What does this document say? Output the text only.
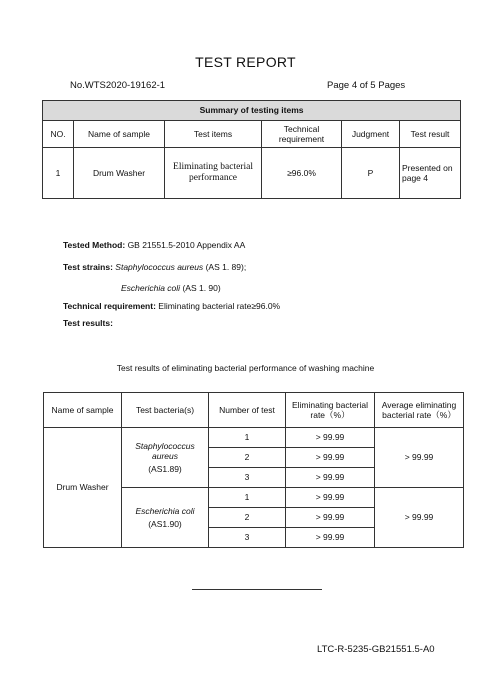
TEST REPORT
No.WTS2020-19162-1	Page 4 of 5 Pages
Summary of testing items					
NO.	Name of sample	Test items	Technical requirement	Judgment	Test result
1	Drum Washer	Eliminating bacterial performance	≥96.0%	P	Presented on page 4
Tested Method: GB 21551.5-2010 Appendix AA
Test strains: Staphylococcus aureus (AS 1. 89);
Escherichia coli (AS 1. 90)
Technical requirement: Eliminating bacterial rate≥96.0%
Test results:
Test results of eliminating bacterial performance of washing machine
Name of sample	Test bacteria(s)	Number of test	Eliminating bacterial rate（%）	Average eliminating bacterial rate（%）
Drum Washer	Staphylococcus aureus
(AS1.89)	1	> 99.99	> 99.99
		2	> 99.99	
		3	> 99.99	

	Escherichia coli
(AS1.90)	1	> 99.99	> 99.99
		2	> 99.99	
		3	> 99.99	
LTC-R-5235-GB21551.5-A0
